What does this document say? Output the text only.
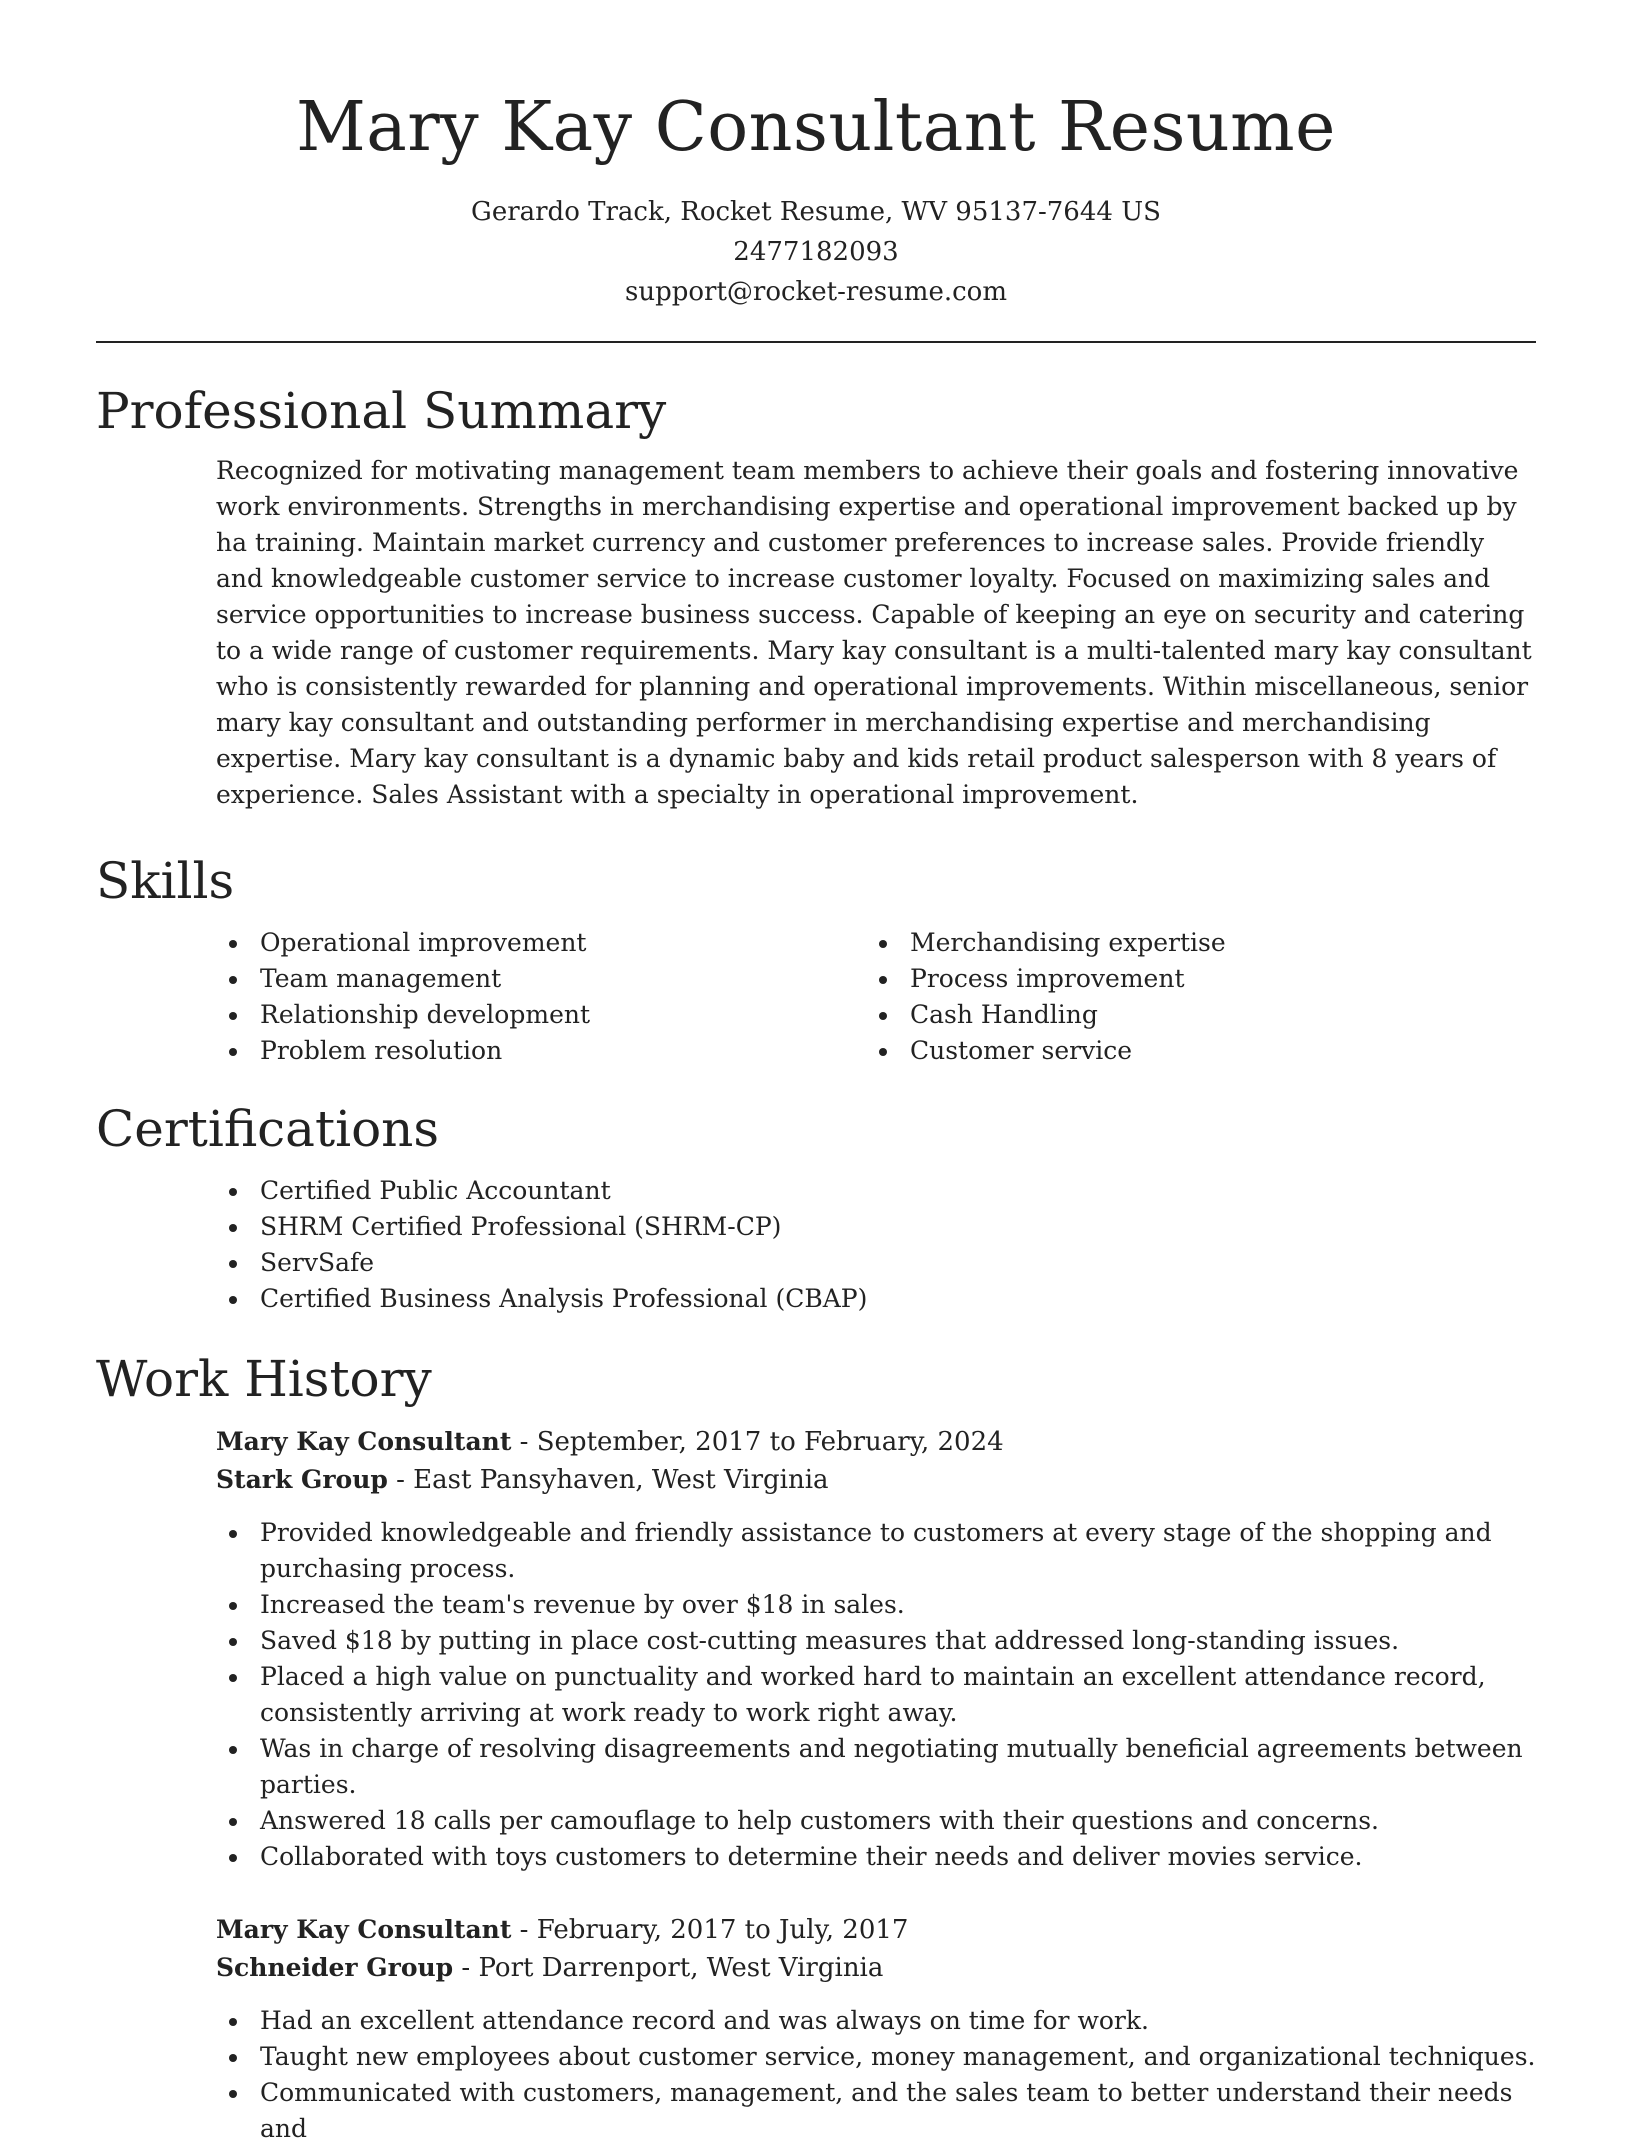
Mary Kay Consultant Resume

Gerardo Track, Rocket Resume, WV 95137-7644 US

2477182093

support@rocket-resume.com

Professional Summary

Recognized for motivating management team members to achieve their goals and fostering innovative work environments. Strengths in merchandising expertise and operational improvement backed up by ha training. Maintain market currency and customer preferences to increase sales. Provide friendly and knowledgeable customer service to increase customer loyalty. Focused on maximizing sales and service opportunities to increase business success. Capable of keeping an eye on security and catering to a wide range of customer requirements. Mary kay consultant is a multi-talented mary kay consultant who is consistently rewarded for planning and operational improvements. Within miscellaneous, senior mary kay consultant and outstanding performer in merchandising expertise and merchandising expertise. Mary kay consultant is a dynamic baby and kids retail product salesperson with 8 years of experience. Sales Assistant with a specialty in operational improvement.

Skills
Operational improvement
Team management
Relationship development
Problem resolution
Merchandising expertise
Process improvement
Cash Handling
Customer service
Certifications
Certified Public Accountant
SHRM Certified Professional (SHRM-CP)
ServSafe
Certified Business Analysis Professional (CBAP)
Work History

Mary Kay Consultant - September, 2017 to February, 2024

Stark Group - East Pansyhaven, West Virginia

Provided knowledgeable and friendly assistance to customers at every stage of the shopping and purchasing process.
Increased the team's revenue by over $18 in sales.
Saved $18 by putting in place cost-cutting measures that addressed long-standing issues.
Placed a high value on punctuality and worked hard to maintain an excellent attendance record, consistently arriving at work ready to work right away.
Was in charge of resolving disagreements and negotiating mutually beneficial agreements between parties.
Answered 18 calls per camouflage to help customers with their questions and concerns.
Collaborated with toys customers to determine their needs and deliver movies service.

Mary Kay Consultant - February, 2017 to July, 2017

Schneider Group - Port Darrenport, West Virginia

Had an excellent attendance record and was always on time for work.
Taught new employees about customer service, money management, and organizational techniques.
Communicated with customers, management, and the sales team to better understand their needs and
